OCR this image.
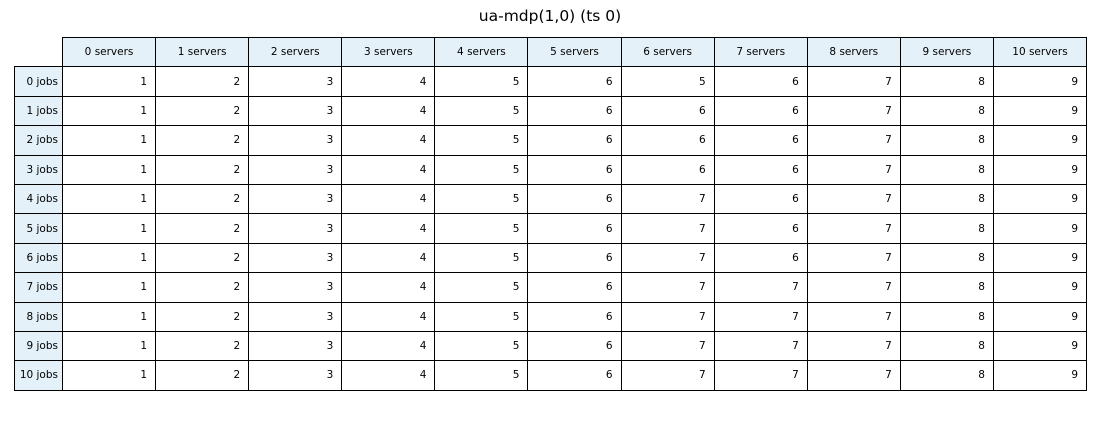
ua-mdp(1,0) (ts 0)
	0 servers	1 servers	2 servers	3 servers	4 servers	5 servers	6 servers	7 servers	8 servers	9 servers	10 servers
0 jobs	1	2	3	4	5	6	5	6	7	8	9
1 jobs	1	2	3	4	5	6	6	6	7	8	9
2 jobs	1	2	3	4	5	6	6	6	7	8	9
3 jobs	1	2	3	4	5	6	6	6	7	8	9
4 jobs	1	2	3	4	5	6	7	6	7	8	9
5 jobs	1	2	3	4	5	6	7	6	7	8	9
6 jobs	1	2	3	4	5	6	7	6	7	8	9
7 jobs	1	2	3	4	5	6	7	7	7	8	9
8 jobs	1	2	3	4	5	6	7	7	7	8	9
9 jobs	1	2	3	4	5	6	7	7	7	8	9
10 jobs	1	2	3	4	5	6	7	7	7	8	9
